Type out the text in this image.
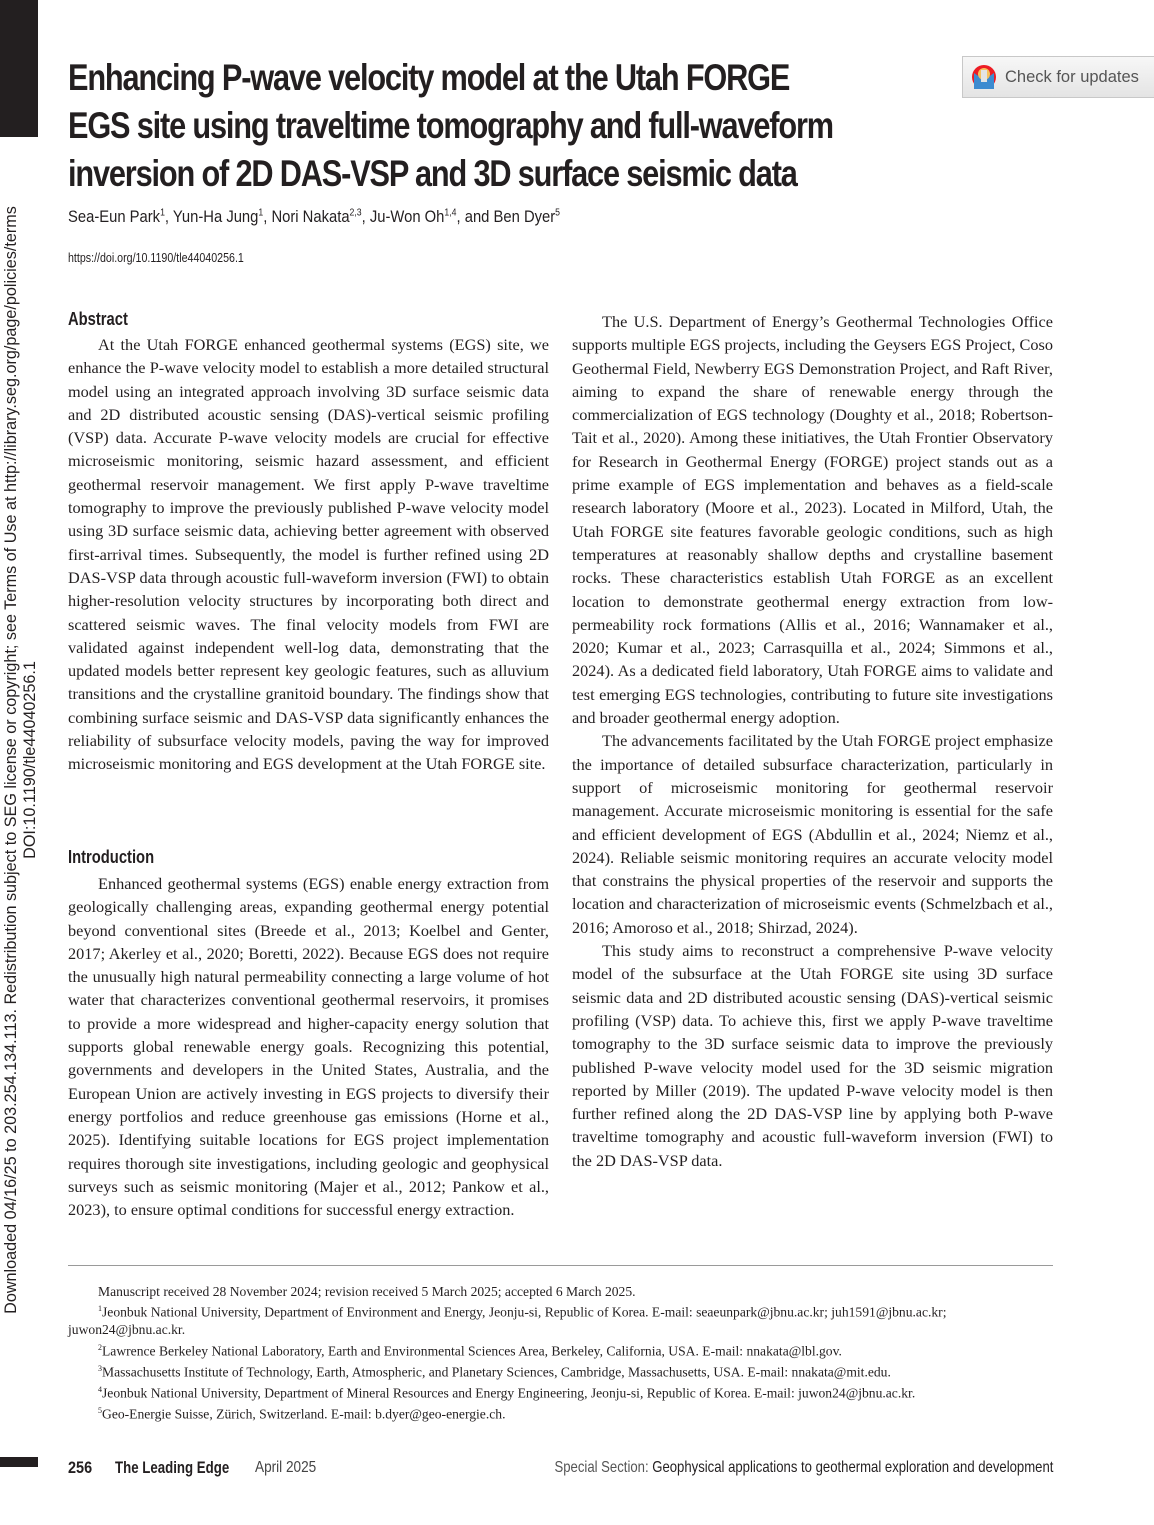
Downloaded 04/16/25 to 203.254.134.113. Redistribution subject to SEG license or copyright; see Terms of Use at http://library.seg.org/page/policies/terms DOI:10.1190/tle44040256.1
Enhancing P-wave velocity model at the Utah FORGE
EGS site using traveltime tomography and full-waveform
inversion of 2D DAS-VSP and 3D surface seismic data
Check for updates
Sea-Eun Park$^1$, Yun-Ha Jung$^1$, Nori Nakata$^{2,3}$, Ju-Won Oh$^{1,4}$, and Ben Dyer$^5$
https://doi.org/10.1190/tle44040256.1
Abstract

At the Utah FORGE enhanced geothermal systems (EGS) site, we enhance the P-wave velocity model to establish a more detailed structural model using an integrated approach involving 3D surface seismic data and 2D distributed acoustic sensing (DAS)-vertical seismic profiling (VSP) data. Accurate P-wave velocity models are crucial for effective microseismic monitoring, seismic hazard assessment, and efficient geothermal reservoir management. We first apply P-wave traveltime tomography to improve the previously published P-wave velocity model using 3D surface seismic data, achieving better agreement with observed first-arrival times. Subsequently, the model is further refined using 2D DAS-VSP data through acoustic full-waveform inversion (FWI) to obtain higher-resolution velocity structures by incorporating both direct and scattered seismic waves. The final velocity models from FWI are validated against independent well-log data, demonstrating that the updated models better represent key geologic features, such as alluvium transitions and the crystalline granitoid boundary. The findings show that combining surface seismic and DAS-VSP data significantly enhances the reliability of subsurface velocity models, paving the way for improved microseismic monitoring and EGS development at the Utah FORGE site.

Introduction

Enhanced geothermal systems (EGS) enable energy extraction from geologically challenging areas, expanding geothermal energy potential beyond conventional sites (Breede et al., 2013; Koelbel and Genter, 2017; Akerley et al., 2020; Boretti, 2022). Because EGS does not require the unusually high natural permeability connecting a large volume of hot water that characterizes conventional geothermal reservoirs, it promises to provide a more widespread and higher-capacity energy solution that supports global renewable energy goals. Recognizing this potential, governments and developers in the United States, Australia, and the European Union are actively investing in EGS projects to diversify their energy portfolios and reduce greenhouse gas emissions (Horne et al., 2025). Identifying suitable locations for EGS project implementation requires thorough site investigations, including geologic and geophysical surveys such as seismic monitoring (Majer et al., 2012; Pankow et al., 2023), to ensure optimal conditions for successful energy extraction.

The U.S. Department of Energy’s Geothermal Technologies Office supports multiple EGS projects, including the Geysers EGS Project, Coso Geothermal Field, Newberry EGS Demonstration Project, and Raft River, aiming to expand the share of renewable energy through the commercialization of EGS technology (Doughty et al., 2018; Robertson-Tait et al., 2020). Among these initiatives, the Utah Frontier Observatory for Research in Geothermal Energy (FORGE) project stands out as a prime example of EGS implementation and behaves as a field-scale research laboratory (Moore et al., 2023). Located in Milford, Utah, the Utah FORGE site features favorable geologic conditions, such as high temperatures at reasonably shallow depths and crystalline basement rocks. These characteristics establish Utah FORGE as an excellent location to demonstrate geothermal energy extraction from low-permeability rock formations (Allis et al., 2016; Wannamaker et al., 2020; Kumar et al., 2023; Carrasquilla et al., 2024; Simmons et al., 2024). As a dedicated field laboratory, Utah FORGE aims to validate and test emerging EGS technologies, contributing to future site investigations and broader geothermal energy adoption.

The advancements facilitated by the Utah FORGE project emphasize the importance of detailed subsurface characterization, particularly in support of microseismic monitoring for geothermal reservoir management. Accurate microseismic monitoring is essential for the safe and efficient development of EGS (Abdullin et al., 2024; Niemz et al., 2024). Reliable seismic monitoring requires an accurate velocity model that constrains the physical properties of the reservoir and supports the location and characterization of microseismic events (Schmelzbach et al., 2016; Amoroso et al., 2018; Shirzad, 2024).

This study aims to reconstruct a comprehensive P-wave velocity model of the subsurface at the Utah FORGE site using 3D surface seismic data and 2D distributed acoustic sensing (DAS)-vertical seismic profiling (VSP) data. To achieve this, first we apply P-wave traveltime tomography to the 3D surface seismic data to improve the previously published P-wave velocity model used for the 3D seismic migration reported by Miller (2019). The updated P-wave velocity model is then further refined along the 2D DAS-VSP line by applying both P-wave traveltime tomography and acoustic full-waveform inversion (FWI) to the 2D DAS-VSP data.

Manuscript received 28 November 2024; revision received 5 March 2025; accepted 6 March 2025.

$^1$Jeonbuk National University, Department of Environment and Energy, Jeonju-si, Republic of Korea. E-mail: seaeunpark@jbnu.ac.kr; juh1591@jbnu.ac.kr; juwon24@jbnu.ac.kr.

$^2$Lawrence Berkeley National Laboratory, Earth and Environmental Sciences Area, Berkeley, California, USA. E-mail: nnakata@lbl.gov.

$^3$Massachusetts Institute of Technology, Earth, Atmospheric, and Planetary Sciences, Cambridge, Massachusetts, USA. E-mail: nnakata@mit.edu.

$^4$Jeonbuk National University, Department of Mineral Resources and Energy Engineering, Jeonju-si, Republic of Korea. E-mail: juwon24@jbnu.ac.kr.

$^5$Geo-Energie Suisse, Zürich, Switzerland. E-mail: b.dyer@geo-energie.ch.

256 The Leading Edge April 2025	Special Section: Geophysical applications to geothermal exploration and development
